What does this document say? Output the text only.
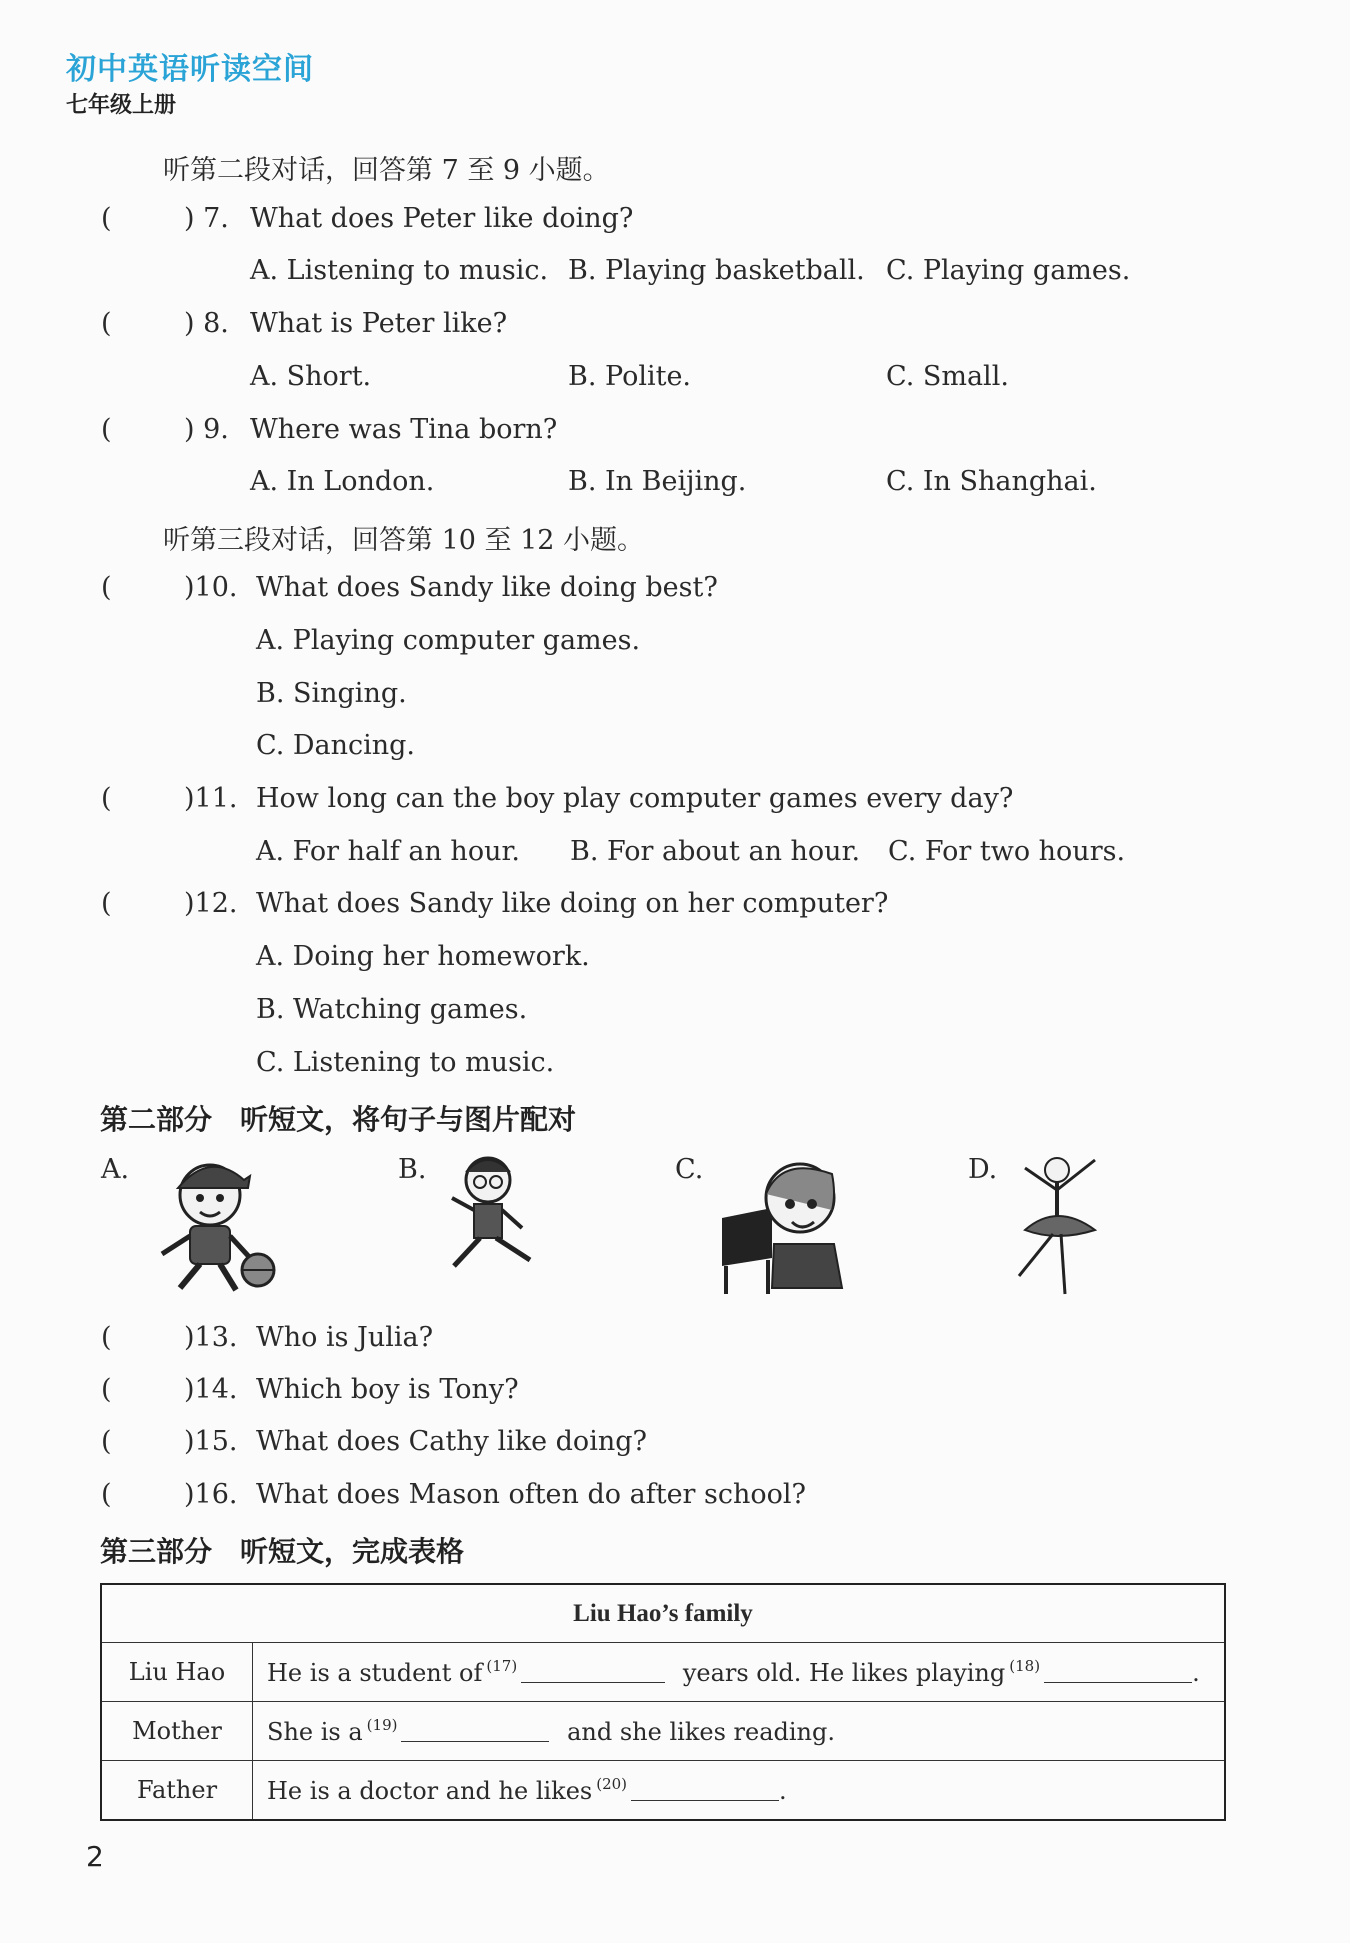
初中英语听读空间
七年级上册
听第二段对话，回答第 7 至 9 小题。
(	) 7. What does Peter like doing?
A. Listening to music. B. Playing basketball. C. Playing games.
(	) 8. What is Peter like?
A. Short.	B. Polite.	C. Small.
(	) 9. Where was Tina born?
A. In London.	B. In Beijing.	C. In Shanghai.
听第三段对话，回答第 10 至 12 小题。
(	)10. What does Sandy like doing best?
A. Playing computer games.
B. Singing.
C. Dancing.
(	)11. How long can the boy play computer games every day?
A. For half an hour. B. For about an hour. C. For two hours.
(	)12. What does Sandy like doing on her computer?
A. Doing her homework.
B. Watching games.
C. Listening to music.
第二部分　听短文，将句子与图片配对
A.	B.	C.	D.
(	)13. Who is Julia?
(	)14. Which boy is Tony?
(	)15. What does Cathy like doing?
(	)16. What does Mason often do after school?
第三部分　听短文，完成表格
Liu Hao’s family	
Liu Hao	He is a student of $^{(17)}$ years old. He likes playing $^{(18)}$ .
Mother	She is a $^{(19)}$ and she likes reading.
Father	He is a doctor and he likes $^{(20)}$ .
2
